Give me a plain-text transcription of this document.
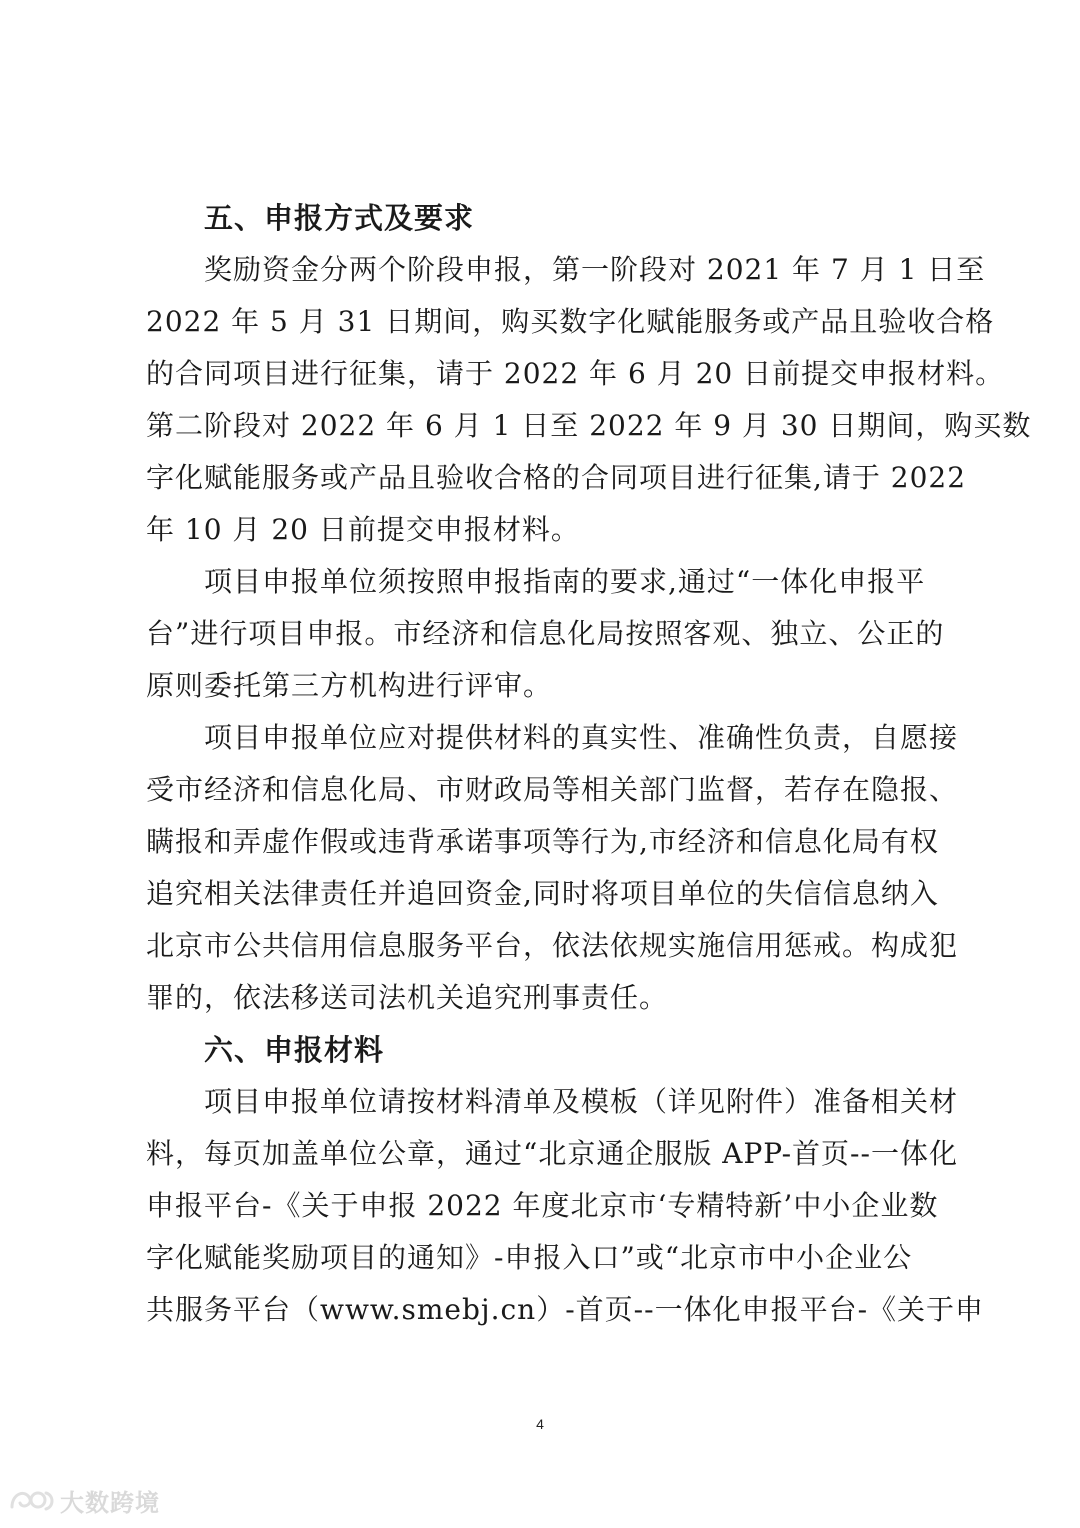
五、申报方式及要求
奖励资金分两个阶段申报，第一阶段对 2021 年 7 月 1 日至
2022 年 5 月 31 日期间，购买数字化赋能服务或产品且验收合格
的合同项目进行征集，请于 2022 年 6 月 20 日前提交申报材料。
第二阶段对 2022 年 6 月 1 日至 2022 年 9 月 30 日期间，购买数
字化赋能服务或产品且验收合格的合同项目进行征集,请于 2022
年 10 月 20 日前提交申报材料。
项目申报单位须按照申报指南的要求,通过“一体化申报平
台”进行项目申报。市经济和信息化局按照客观、独立、公正的
原则委托第三方机构进行评审。
项目申报单位应对提供材料的真实性、准确性负责，自愿接
受市经济和信息化局、市财政局等相关部门监督，若存在隐报、
瞒报和弄虚作假或违背承诺事项等行为,市经济和信息化局有权
追究相关法律责任并追回资金,同时将项目单位的失信信息纳入
北京市公共信用信息服务平台，依法依规实施信用惩戒。构成犯
罪的，依法移送司法机关追究刑事责任。
六、申报材料
项目申报单位请按材料清单及模板（详见附件）准备相关材
料，每页加盖单位公章，通过“北京通企服版 APP-首页--一体化
申报平台-《关于申报 2022 年度北京市‘专精特新’中小企业数
字化赋能奖励项目的通知》-申报入口”或“北京市中小企业公
共服务平台（www.smebj.cn）-首页--一体化申报平台-《关于申
4
大数跨境
